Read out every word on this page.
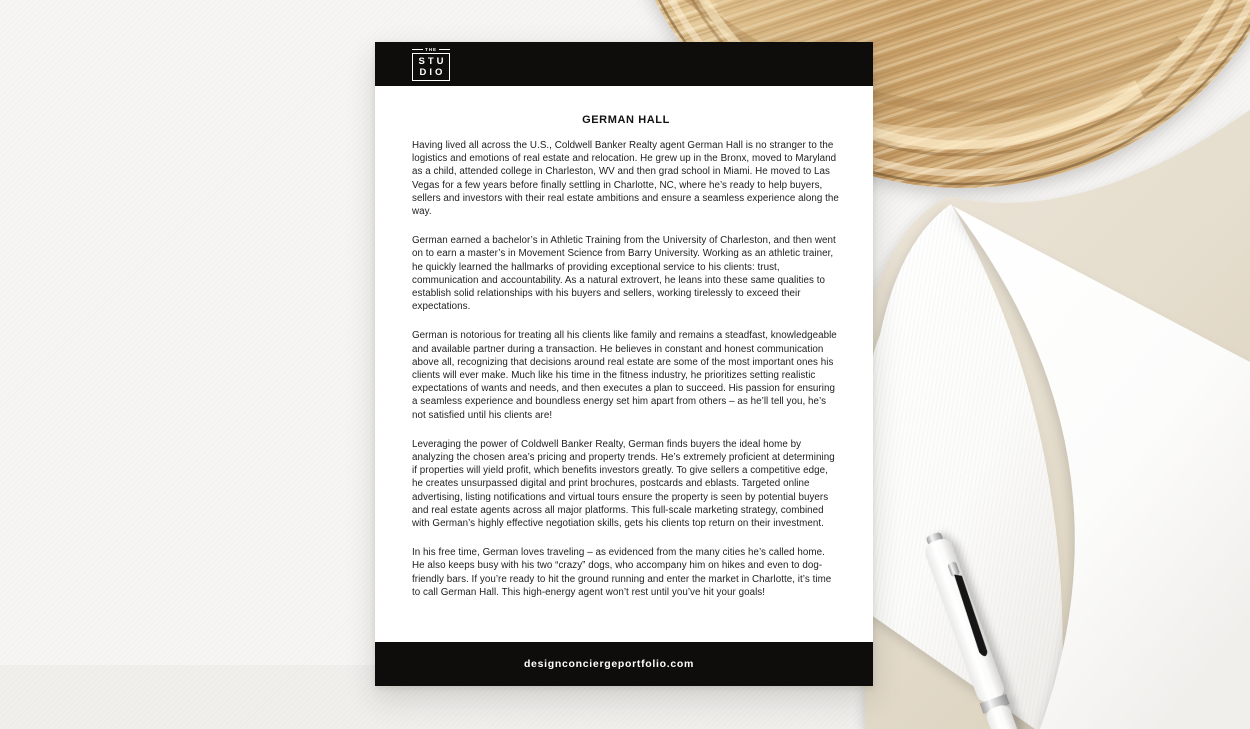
THE
STU
DIO
GERMAN HALL

Having lived all across the U.S., Coldwell Banker Realty agent German Hall is no stranger to the logistics and emotions of real estate and relocation. He grew up in the Bronx, moved to Maryland as a child, attended college in Charleston, WV and then grad school in Miami. He moved to Las Vegas for a few years before finally settling in Charlotte, NC, where he’s ready to help buyers, sellers and investors with their real estate ambitions and ensure a seamless experience along the way.

German earned a bachelor’s in Athletic Training from the University of Charleston, and then went on to earn a master’s in Movement Science from Barry University. Working as an athletic trainer, he quickly learned the hallmarks of providing exceptional service to his clients: trust, communication and accountability. As a natural extrovert, he leans into these same qualities to establish solid relationships with his buyers and sellers, working tirelessly to exceed their expectations.

German is notorious for treating all his clients like family and remains a steadfast, knowledgeable and available partner during a transaction. He believes in constant and honest communication above all, recognizing that decisions around real estate are some of the most important ones his clients will ever make. Much like his time in the fitness industry, he prioritizes setting realistic expectations of wants and needs, and then executes a plan to succeed. His passion for ensuring a seamless experience and boundless energy set him apart from others – as he’ll tell you, he’s not satisfied until his clients are!

Leveraging the power of Coldwell Banker Realty, German finds buyers the ideal home by analyzing the chosen area’s pricing and property trends. He’s extremely proficient at determining if properties will yield profit, which benefits investors greatly. To give sellers a competitive edge, he creates unsurpassed digital and print brochures, postcards and eblasts. Targeted online advertising, listing notifications and virtual tours ensure the property is seen by potential buyers and real estate agents across all major platforms. This full-scale marketing strategy, combined with German’s highly effective negotiation skills, gets his clients top return on their investment.

In his free time, German loves traveling – as evidenced from the many cities he’s called home. He also keeps busy with his two “crazy” dogs, who accompany him on hikes and even to dog-friendly bars. If you’re ready to hit the ground running and enter the market in Charlotte, it’s time to call German Hall. This high-energy agent won’t rest until you’ve hit your goals!

designconciergeportfolio.com
